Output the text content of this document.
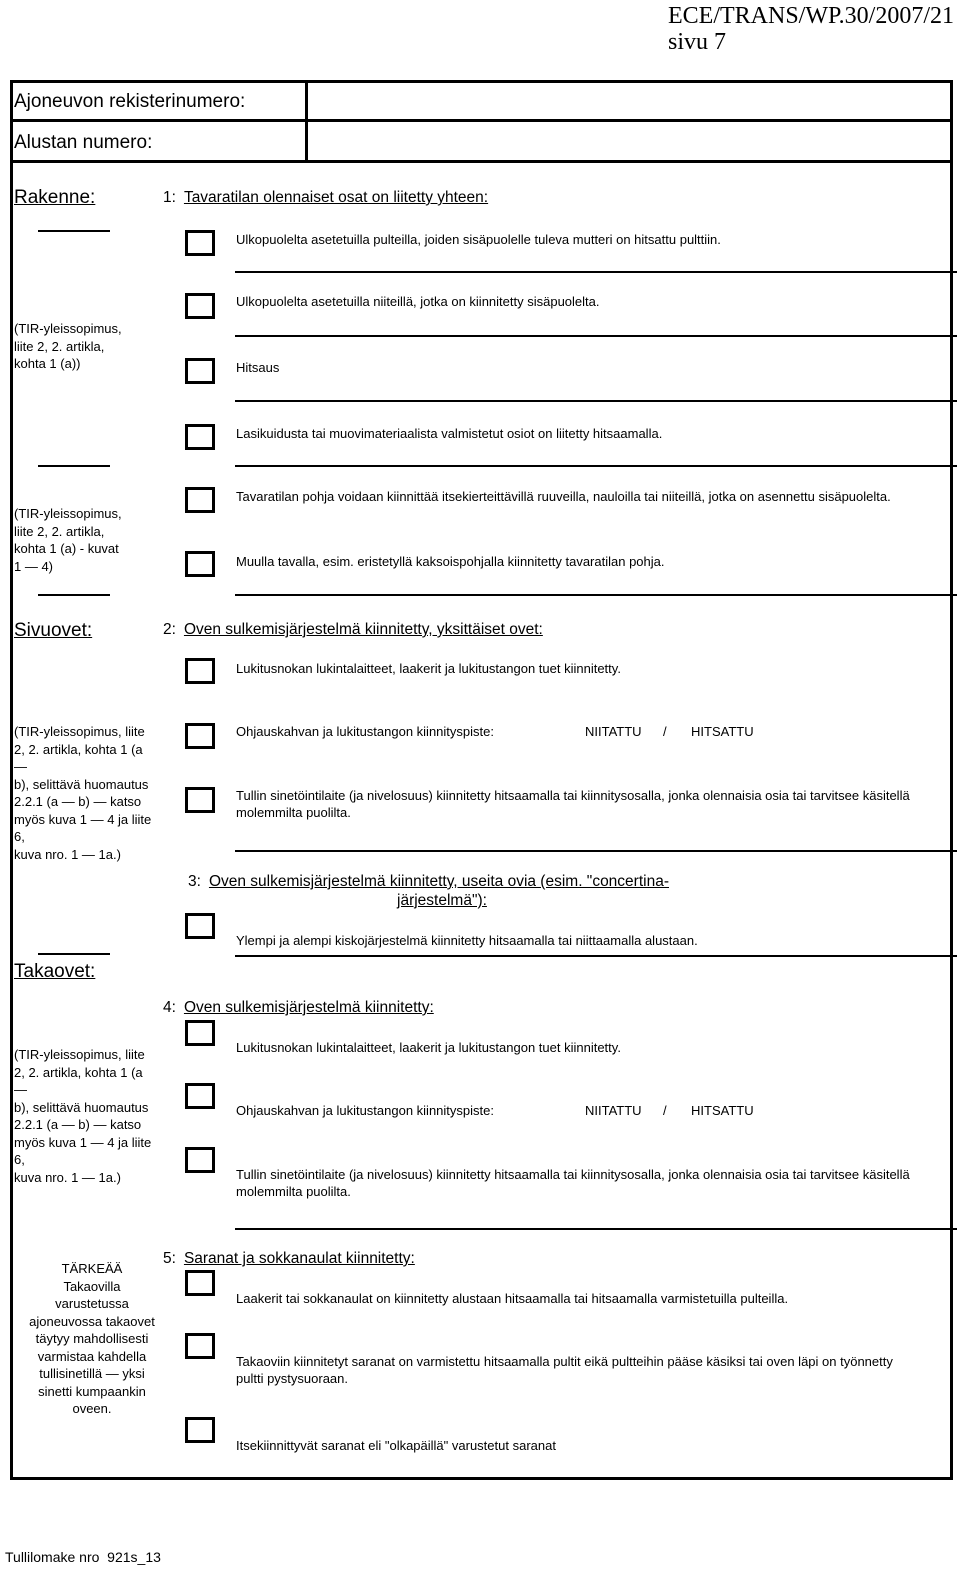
ECE/TRANS/WP.30/2007/21
sivu 7
Ajoneuvon rekisterinumero:
Alustan numero:
Rakenne:
(TIR-yleissopimus,
liite 2, 2. artikla,
kohta 1 (a))
(TIR-yleissopimus,
liite 2, 2. artikla,
kohta 1 (a) - kuvat
1 — 4)
1: Tavaratilan olennaiset osat on liitetty yhteen:
Ulkopuolelta asetetuilla pulteilla, joiden sisäpuolelle tuleva mutteri on hitsattu pulttiin.
Ulkopuolelta asetetuilla niiteillä, jotka on kiinnitetty sisäpuolelta.
Hitsaus
Lasikuidusta tai muovimateriaalista valmistetut osiot on liitetty hitsaamalla.
Tavaratilan pohja voidaan kiinnittää itsekierteittävillä ruuveilla, nauloilla tai niiteillä, jotka on asennettu sisäpuolelta.
Muulla tavalla, esim. eristetyllä kaksoispohjalla kiinnitetty tavaratilan pohja.
Sivuovet:	2: Oven sulkemisjärjestelmä kiinnitetty, yksittäiset ovet:
(TIR-yleissopimus, liite
2, 2. artikla, kohta 1 (a —
b), selittävä huomautus
2.2.1 (a — b) — katso
myös kuva 1 — 4 ja liite 6,
kuva nro. 1 — 1a.)
Lukitusnokan lukintalaitteet, laakerit ja lukitustangon tuet kiinnitetty.
Ohjauskahvan ja lukitustangon kiinnityspiste:	NIITATTU / HITSATTU
Tullin sinetöintilaite (ja nivelosuus) kiinnitetty hitsaamalla tai kiinnitysosalla, jonka olennaisia osia tai tarvitsee käsitellä
molemmilta puolilta.
3: Oven sulkemisjärjestelmä kiinnitetty, useita ovia (esim. "concertina-
järjestelmä"):
Ylempi ja alempi kiskojärjestelmä kiinnitetty hitsaamalla tai niittaamalla alustaan.
Takaovet:
4: Oven sulkemisjärjestelmä kiinnitetty:
(TIR-yleissopimus, liite
2, 2. artikla, kohta 1 (a —
b), selittävä huomautus
2.2.1 (a — b) — katso
myös kuva 1 — 4 ja liite 6,
kuva nro. 1 — 1a.)
Lukitusnokan lukintalaitteet, laakerit ja lukitustangon tuet kiinnitetty.
Ohjauskahvan ja lukitustangon kiinnityspiste:	NIITATTU / HITSATTU
Tullin sinetöintilaite (ja nivelosuus) kiinnitetty hitsaamalla tai kiinnitysosalla, jonka olennaisia osia tai tarvitsee käsitellä
molemmilta puolilta.
TÄRKEÄÄ
Takaovilla
varustetussa
ajoneuvossa takaovet
täytyy mahdollisesti
varmistaa kahdella
tullisinetillä — yksi
sinetti kumpaankin
oveen.
5: Saranat ja sokkanaulat kiinnitetty:
Laakerit tai sokkanaulat on kiinnitetty alustaan hitsaamalla tai hitsaamalla varmistetuilla pulteilla.
Takaoviin kiinnitetyt saranat on varmistettu hitsaamalla pultit eikä pultteihin pääse käsiksi tai oven läpi on työnnetty
pultti pystysuoraan.
Itsekiinnittyvät saranat eli "olkapäillä" varustetut saranat
Tullilomake nro  921s_13
